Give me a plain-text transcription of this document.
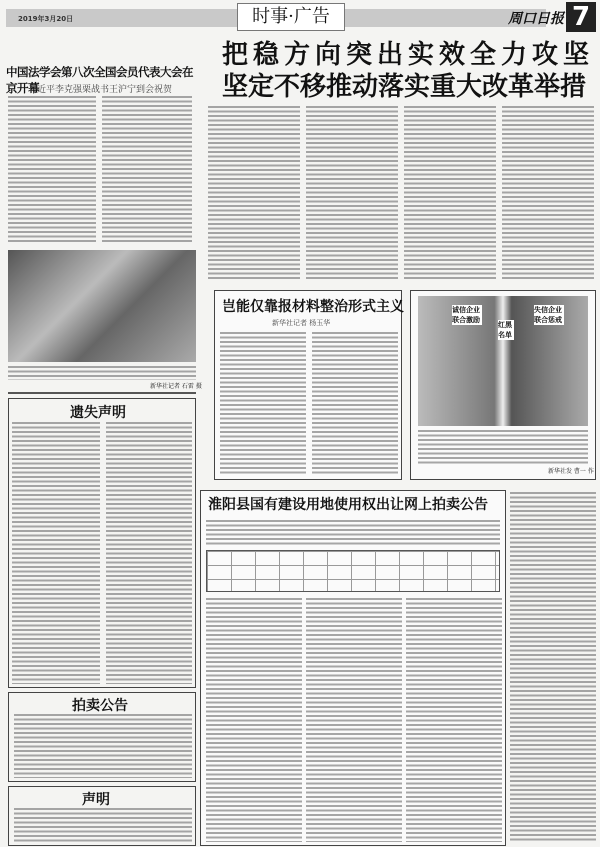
2019年3月20日	时事·广告	周口日报 7
中国法学会第八次全国会员代表大会在京开幕
习近平李克强栗战书王沪宁到会祝贺
新华社记者 石雷 摄
遗失声明
拍卖公告
声明
把稳方向突出实效全力攻坚
坚定不移推动落实重大改革举措
岂能仅靠报材料整治形式主义
新华社记者 杨玉华
诚信企业联合激励
失信企业联合惩戒
红黑名单
新华社发 曹一 作
淮阳县国有建设用地使用权出让网上拍卖公告
